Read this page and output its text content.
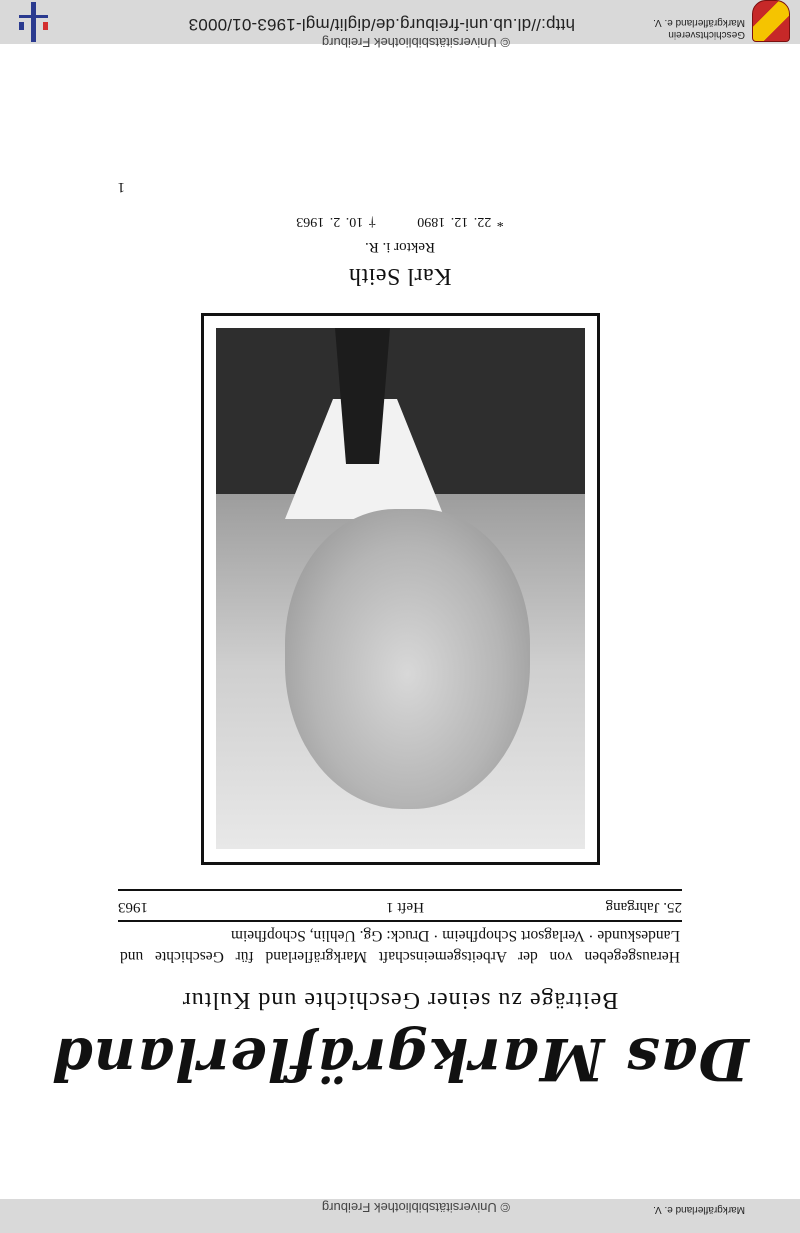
Geschichtsverein
Markgräflerland e. V.
© Universitätsbibliothek Freiburg
http://dl.ub.uni-freiburg.de/diglit/mgl-1963-01/0003
© Universitätsbibliothek Freiburg	Markgräflerland e. V.
Das Markgräflerland
Beiträge zu seiner Geschichte und Kultur
Herausgegeben von der Arbeitsgemeinschaft Markgräflerland für Geschichte und Landeskunde · Verlagsort Schopfheim · Druck: Gg. Uehlin, Schopfheim
25. Jahrgang
Heft 1
1963
Karl Seith
Rektor i. R.
* 22. 12. 1890 † 10. 2. 1963
1
